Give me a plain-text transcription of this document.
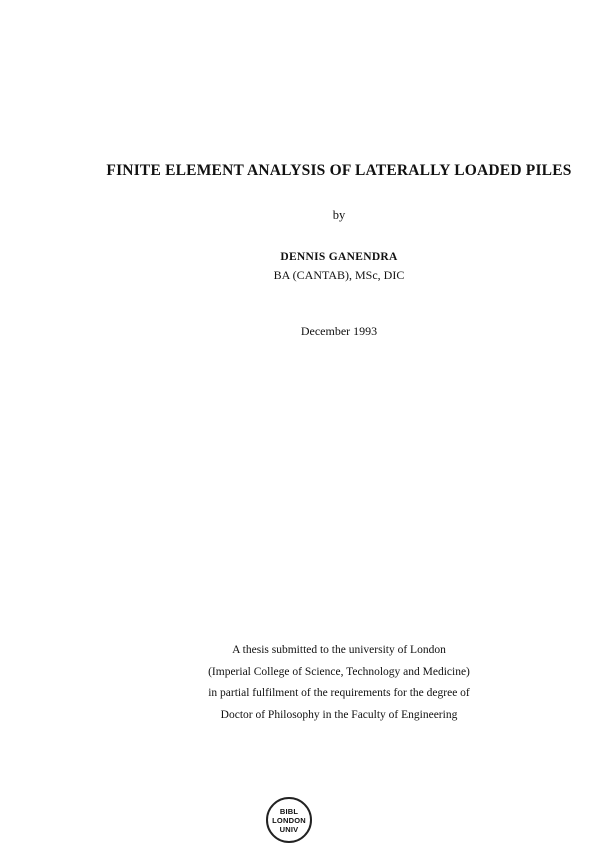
FINITE ELEMENT ANALYSIS OF LATERALLY LOADED PILES
by
DENNIS GANENDRA
BA (CANTAB), MSc, DIC
December 1993
A thesis submitted to the university of London
(Imperial College of Science, Technology and Medicine)
in partial fulfilment of the requirements for the degree of
Doctor of Philosophy in the Faculty of Engineering
BIBL
LONDON
UNIV
